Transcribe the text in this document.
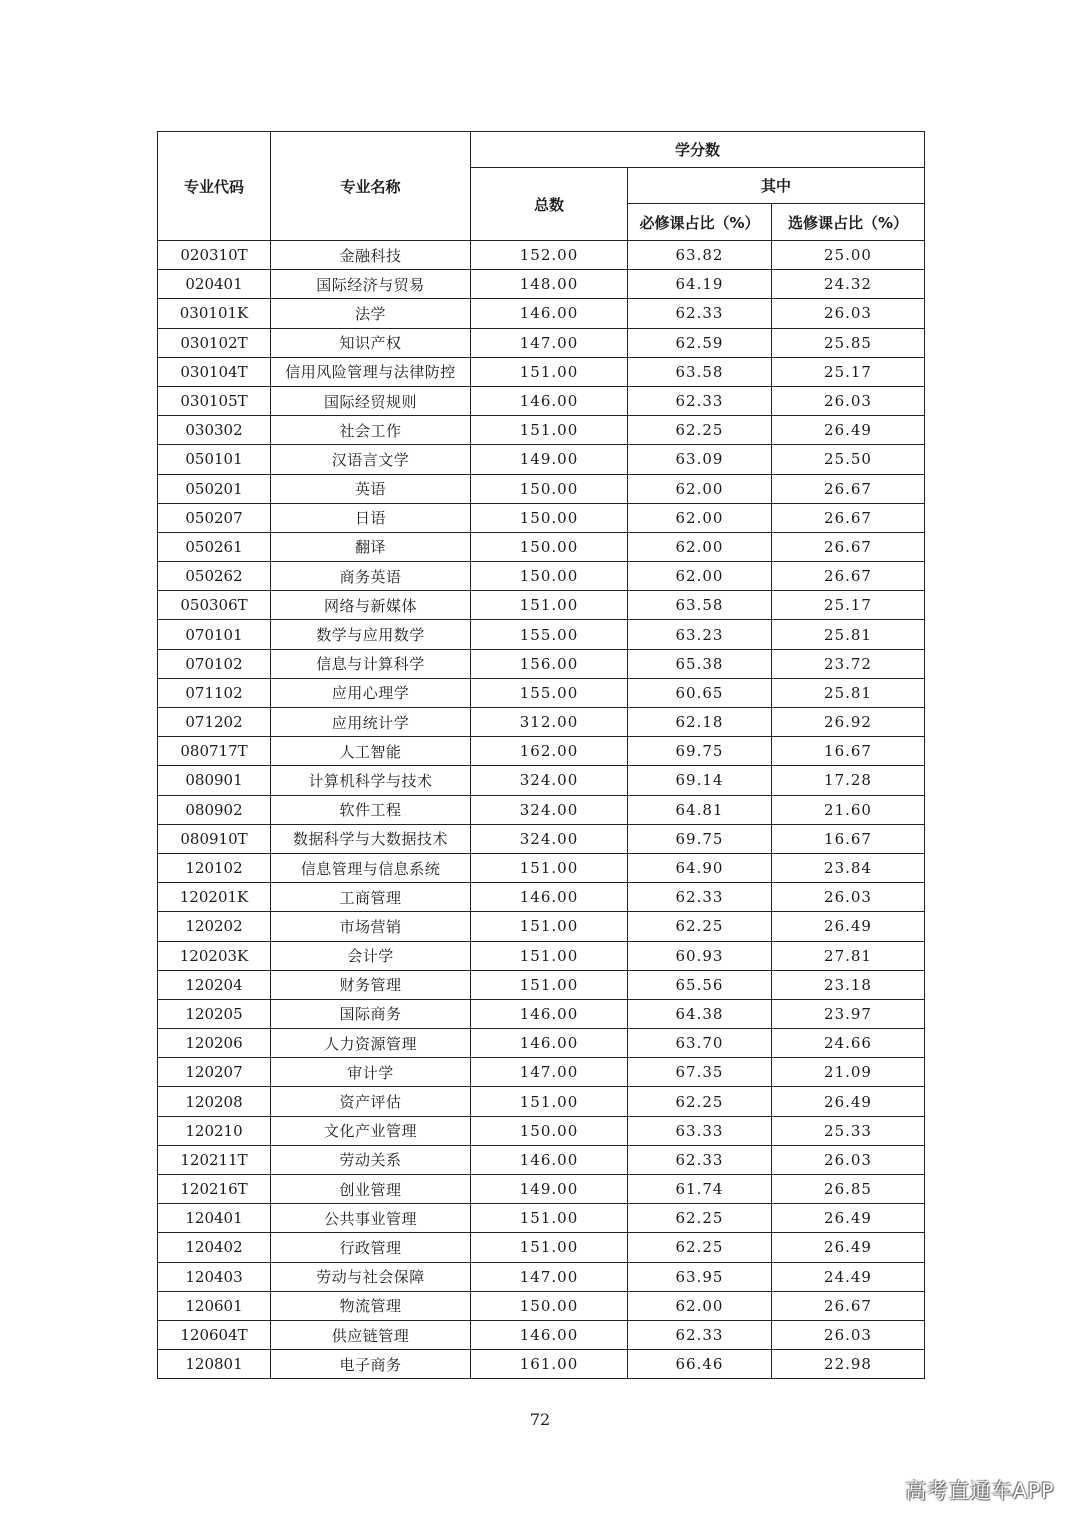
专业代码	专业名称	学分数		
		总数	其中	
			必修课占比（%）	选修课占比（%）
020310T	金融科技	152.00	63.82	25.00
020401	国际经济与贸易	148.00	64.19	24.32
030101K	法学	146.00	62.33	26.03
030102T	知识产权	147.00	62.59	25.85
030104T	信用风险管理与法律防控	151.00	63.58	25.17
030105T	国际经贸规则	146.00	62.33	26.03
030302	社会工作	151.00	62.25	26.49
050101	汉语言文学	149.00	63.09	25.50
050201	英语	150.00	62.00	26.67
050207	日语	150.00	62.00	26.67
050261	翻译	150.00	62.00	26.67
050262	商务英语	150.00	62.00	26.67
050306T	网络与新媒体	151.00	63.58	25.17
070101	数学与应用数学	155.00	63.23	25.81
070102	信息与计算科学	156.00	65.38	23.72
071102	应用心理学	155.00	60.65	25.81
071202	应用统计学	312.00	62.18	26.92
080717T	人工智能	162.00	69.75	16.67
080901	计算机科学与技术	324.00	69.14	17.28
080902	软件工程	324.00	64.81	21.60
080910T	数据科学与大数据技术	324.00	69.75	16.67
120102	信息管理与信息系统	151.00	64.90	23.84
120201K	工商管理	146.00	62.33	26.03
120202	市场营销	151.00	62.25	26.49
120203K	会计学	151.00	60.93	27.81
120204	财务管理	151.00	65.56	23.18
120205	国际商务	146.00	64.38	23.97
120206	人力资源管理	146.00	63.70	24.66
120207	审计学	147.00	67.35	21.09
120208	资产评估	151.00	62.25	26.49
120210	文化产业管理	150.00	63.33	25.33
120211T	劳动关系	146.00	62.33	26.03
120216T	创业管理	149.00	61.74	26.85
120401	公共事业管理	151.00	62.25	26.49
120402	行政管理	151.00	62.25	26.49
120403	劳动与社会保障	147.00	63.95	24.49
120601	物流管理	150.00	62.00	26.67
120604T	供应链管理	146.00	62.33	26.03
120801	电子商务	161.00	66.46	22.98
72
高考直通车APP
